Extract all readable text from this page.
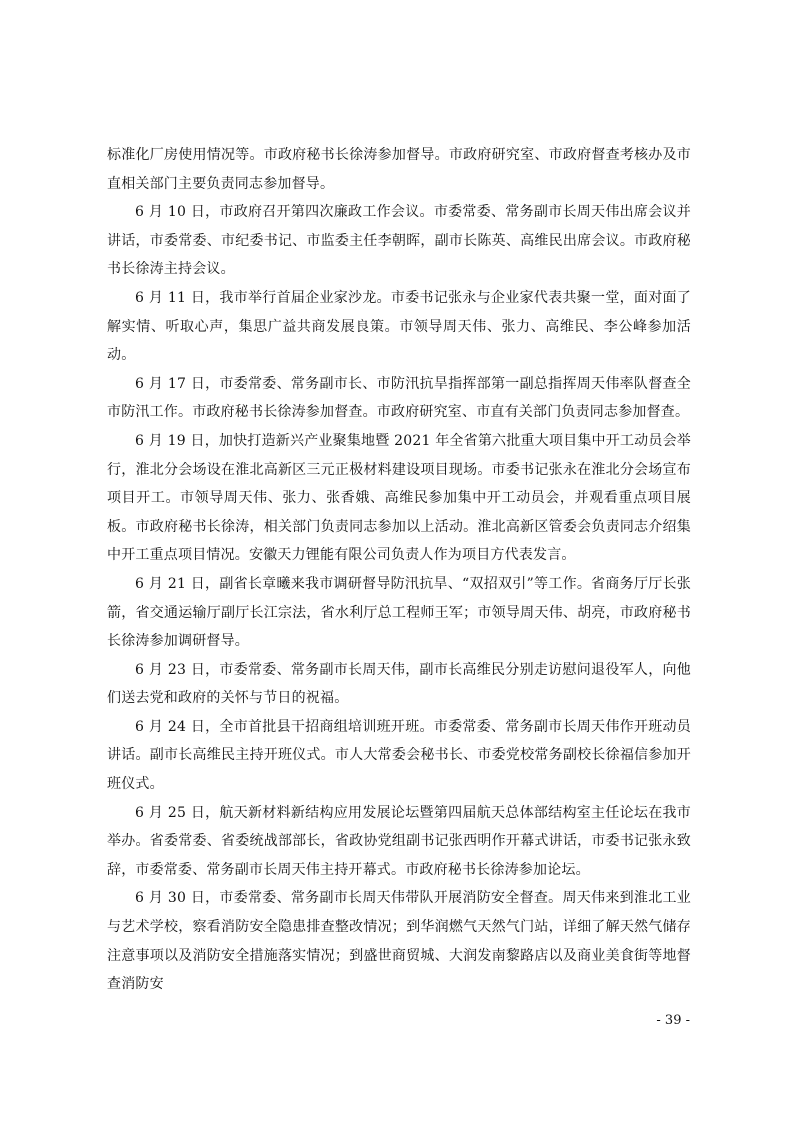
标准化厂房使用情况等。市政府秘书长徐涛参加督导。市政府研究室、市政府督查考核办及市直相关部门主要负责同志参加督导。

6 月 10 日，市政府召开第四次廉政工作会议。市委常委、常务副市长周天伟出席会议并讲话，市委常委、市纪委书记、市监委主任李朝晖，副市长陈英、高维民出席会议。市政府秘书长徐涛主持会议。

6 月 11 日，我市举行首届企业家沙龙。市委书记张永与企业家代表共聚一堂，面对面了解实情、听取心声，集思广益共商发展良策。市领导周天伟、张力、高维民、李公峰参加活动。

6 月 17 日，市委常委、常务副市长、市防汛抗旱指挥部第一副总指挥周天伟率队督查全市防汛工作。市政府秘书长徐涛参加督查。市政府研究室、市直有关部门负责同志参加督查。

6 月 19 日，加快打造新兴产业聚集地暨 2021 年全省第六批重大项目集中开工动员会举行，淮北分会场设在淮北高新区三元正极材料建设项目现场。市委书记张永在淮北分会场宣布项目开工。市领导周天伟、张力、张香娥、高维民参加集中开工动员会，并观看重点项目展板。市政府秘书长徐涛，相关部门负责同志参加以上活动。淮北高新区管委会负责同志介绍集中开工重点项目情况。安徽天力锂能有限公司负责人作为项目方代表发言。

6 月 21 日，副省长章曦来我市调研督导防汛抗旱、“双招双引”等工作。省商务厅厅长张箭，省交通运输厅副厅长江宗法，省水利厅总工程师王军；市领导周天伟、胡亮，市政府秘书长徐涛参加调研督导。

6 月 23 日，市委常委、常务副市长周天伟，副市长高维民分别走访慰问退役军人，向他们送去党和政府的关怀与节日的祝福。

6 月 24 日，全市首批县干招商组培训班开班。市委常委、常务副市长周天伟作开班动员讲话。副市长高维民主持开班仪式。市人大常委会秘书长、市委党校常务副校长徐福信参加开班仪式。

6 月 25 日，航天新材料新结构应用发展论坛暨第四届航天总体部结构室主任论坛在我市举办。省委常委、省委统战部部长，省政协党组副书记张西明作开幕式讲话，市委书记张永致辞，市委常委、常务副市长周天伟主持开幕式。市政府秘书长徐涛参加论坛。

6 月 30 日，市委常委、常务副市长周天伟带队开展消防安全督查。周天伟来到淮北工业与艺术学校，察看消防安全隐患排查整改情况；到华润燃气天然气门站，详细了解天然气储存注意事项以及消防安全措施落实情况；到盛世商贸城、大润发南黎路店以及商业美食街等地督查消防安

- 39 -
